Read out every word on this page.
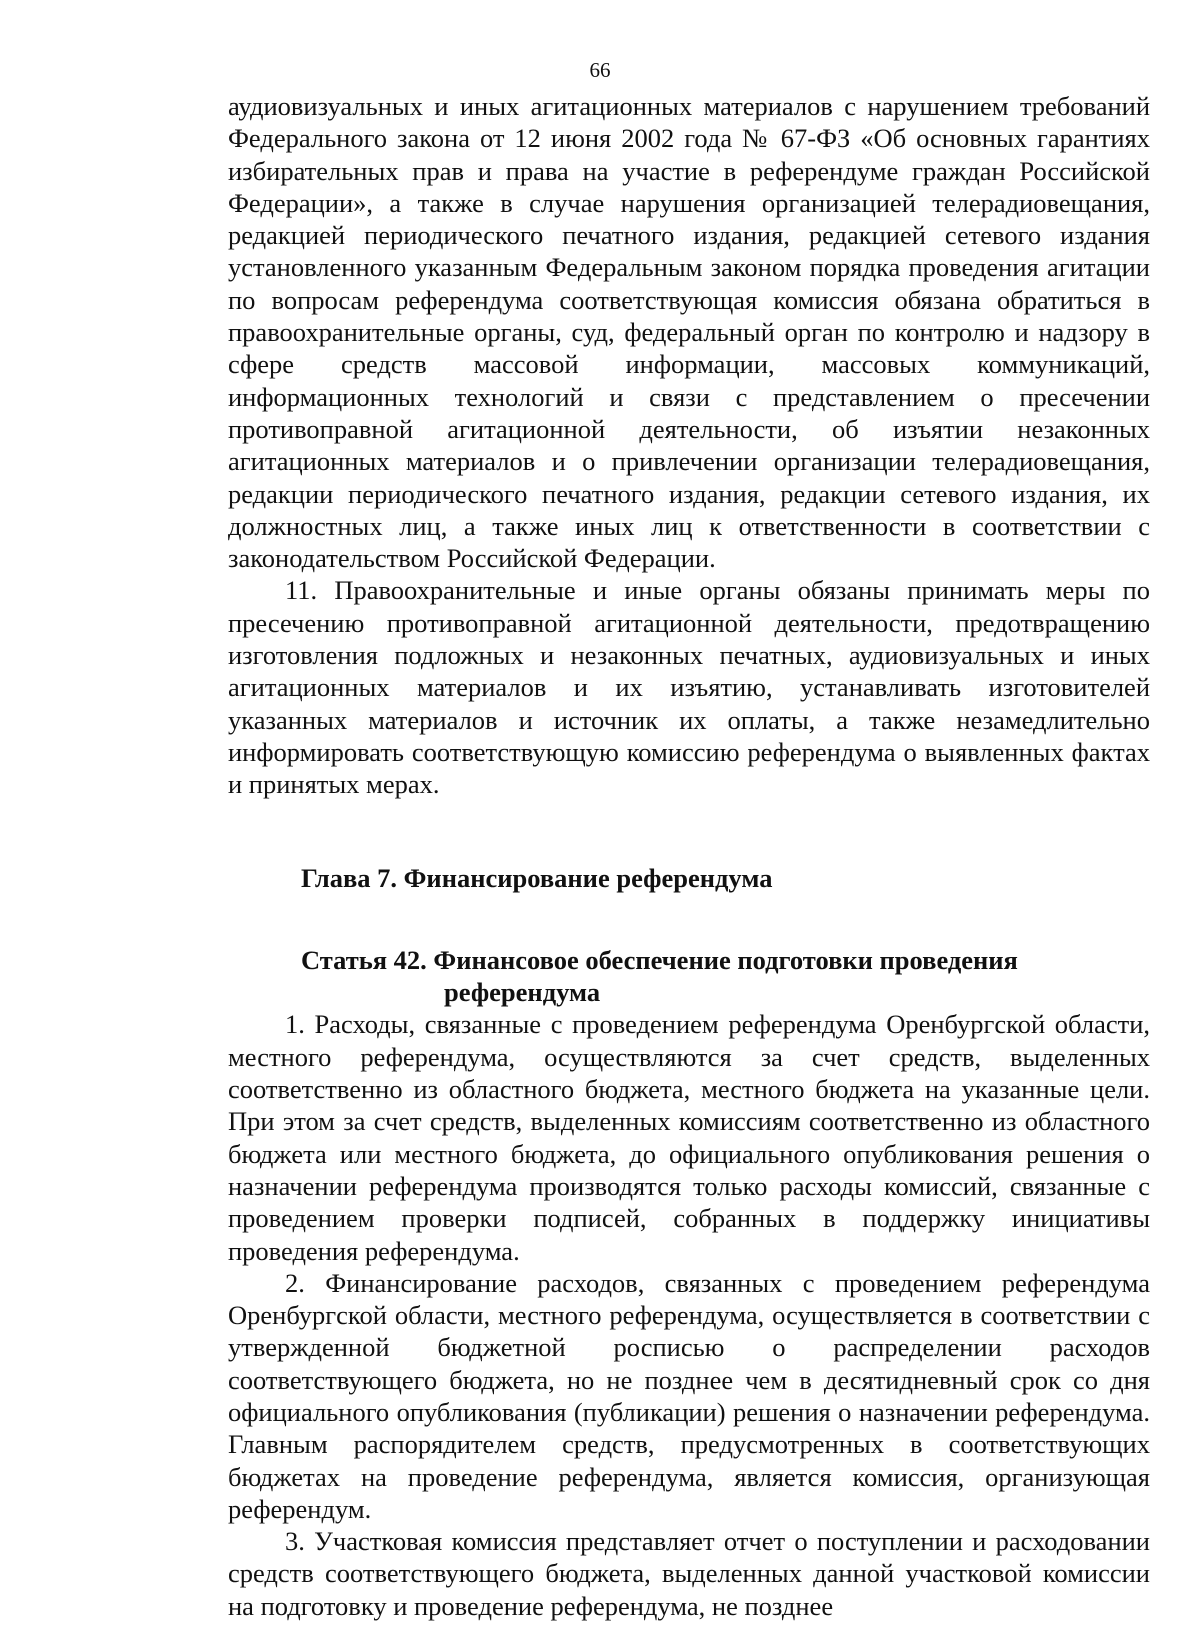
66

аудиовизуальных и иных агитационных материалов с нарушением требований Федерального закона от 12 июня 2002 года № 67-ФЗ «Об основных гарантиях избирательных прав и права на участие в референдуме граждан Российской Федерации», а также в случае нарушения организацией телерадиовещания, редакцией периодического печатного издания, редакцией сетевого издания установленного указанным Федеральным законом порядка проведения агитации по вопросам референдума соответствующая комиссия обязана обратиться в правоохранительные органы, суд, федеральный орган по контролю и надзору в сфере средств массовой информации, массовых коммуникаций, информационных технологий и связи с представлением о пресечении противоправной агитационной деятельности, об изъятии незаконных агитационных материалов и о привлечении организации телерадиовещания, редакции периодического печатного издания, редакции сетевого издания, их должностных лиц, а также иных лиц к ответственности в соответствии с законодательством Российской Федерации.

11. Правоохранительные и иные органы обязаны принимать меры по пресечению противоправной агитационной деятельности, предотвращению изготовления подложных и незаконных печатных, аудиовизуальных и иных агитационных материалов и их изъятию, устанавливать изготовителей указанных материалов и источник их оплаты, а также незамедлительно информировать соответствующую комиссию референдума о выявленных фактах и принятых мерах.

Глава 7. Финансирование референдума

Статья 42. Финансовое обеспечение подготовки проведения
референдума

1. Расходы, связанные с проведением референдума Оренбургской области, местного референдума, осуществляются за счет средств, выделенных соответственно из областного бюджета, местного бюджета на указанные цели. При этом за счет средств, выделенных комиссиям соответственно из областного бюджета или местного бюджета, до официального опубликования решения о назначении референдума производятся только расходы комиссий, связанные с проведением проверки подписей, собранных в поддержку инициативы проведения референдума.

2. Финансирование расходов, связанных с проведением референдума Оренбургской области, местного референдума, осуществляется в соответствии с утвержденной бюджетной росписью о распределении расходов соответствующего бюджета, но не позднее чем в десятидневный срок со дня официального опубликования (публикации) решения о назначении референдума. Главным распорядителем средств, предусмотренных в соответствующих бюджетах на проведение референдума, является комиссия, организующая референдум.

3. Участковая комиссия представляет отчет о поступлении и расходовании средств соответствующего бюджета, выделенных данной участковой комиссии на подготовку и проведение референдума, не позднее
